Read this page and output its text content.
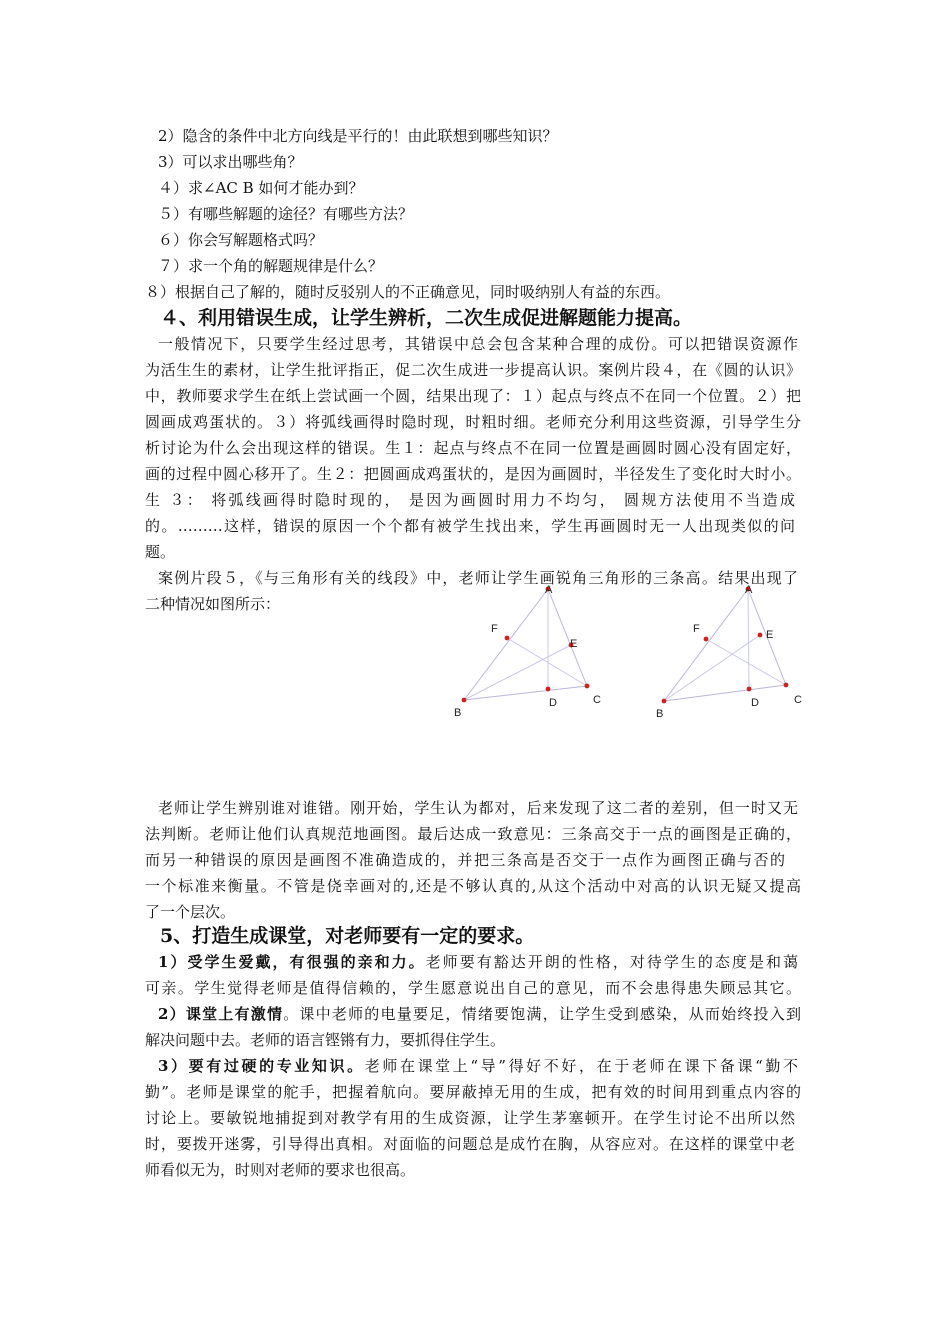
2）隐含的条件中北方向线是平行的！由此联想到哪些知识？
3）可以求出哪些角？
４）求∠AC B 如何才能办到？
５）有哪些解题的途径？有哪些方法？
６）你会写解题格式吗？
７）求一个角的解题规律是什么？
８）根据自己了解的，随时反驳别人的不正确意见，同时吸纳别人有益的东西。
４、利用错误生成，让学生辨析，二次生成促进解题能力提高。
一般情况下，只要学生经过思考，其错误中总会包含某种合理的成份。可以把错误资源作
为活生生的素材，让学生批评指正，促二次生成进一步提高认识。案例片段４，在《圆的认识》
中，教师要求学生在纸上尝试画一个圆，结果出现了：１）起点与终点不在同一个位置。２）把
圆画成鸡蛋状的。３）将弧线画得时隐时现，时粗时细。老师充分利用这些资源，引导学生分
析讨论为什么会出现这样的错误。生１：起点与终点不在同一位置是画圆时圆心没有固定好，
画的过程中圆心移开了。生２：把圆画成鸡蛋状的，是因为画圆时，半径发生了变化时大时小。
生 ３： 将弧线画得时隐时现的， 是因为画圆时用力不均匀， 圆规方法使用不当造成
的。………这样，错误的原因一个个都有被学生找出来，学生再画圆时无一人出现类似的问
题。
案例片段５，《与三角形有关的线段》中，老师让学生画锐角三角形的三条高。结果出现了
二种情况如图所示：
A
B
C
D
E
F
A
B
C
D
E
F
老师让学生辨别谁对谁错。刚开始，学生认为都对，后来发现了这二者的差别，但一时又无
法判断。老师让他们认真规范地画图。最后达成一致意见：三条高交于一点的画图是正确的，
而另一种错误的原因是画图不准确造成的，并把三条高是否交于一点作为画图正确与否的
一个标准来衡量。不管是侥幸画对的,还是不够认真的,从这个活动中对高的认识无疑又提高
了一个层次。
5、打造生成课堂，对老师要有一定的要求。
1）受学生爱戴，有很强的亲和力。老师要有豁达开朗的性格，对待学生的态度是和蔼
可亲。学生觉得老师是值得信赖的，学生愿意说出自己的意见，而不会患得患失顾忌其它。
2）课堂上有激情。课中老师的电量要足，情绪要饱满，让学生受到感染，从而始终投入到
解决问题中去。老师的语言铿锵有力，要抓得住学生。
3）要有过硬的专业知识。老师在课堂上“导”得好不好，在于老师在课下备课“勤不
勤”。老师是课堂的舵手，把握着航向。要屏蔽掉无用的生成，把有效的时间用到重点内容的
讨论上。要敏锐地捕捉到对教学有用的生成资源，让学生茅塞顿开。在学生讨论不出所以然
时，要拨开迷雾，引导得出真相。对面临的问题总是成竹在胸，从容应对。在这样的课堂中老
师看似无为，时则对老师的要求也很高。
